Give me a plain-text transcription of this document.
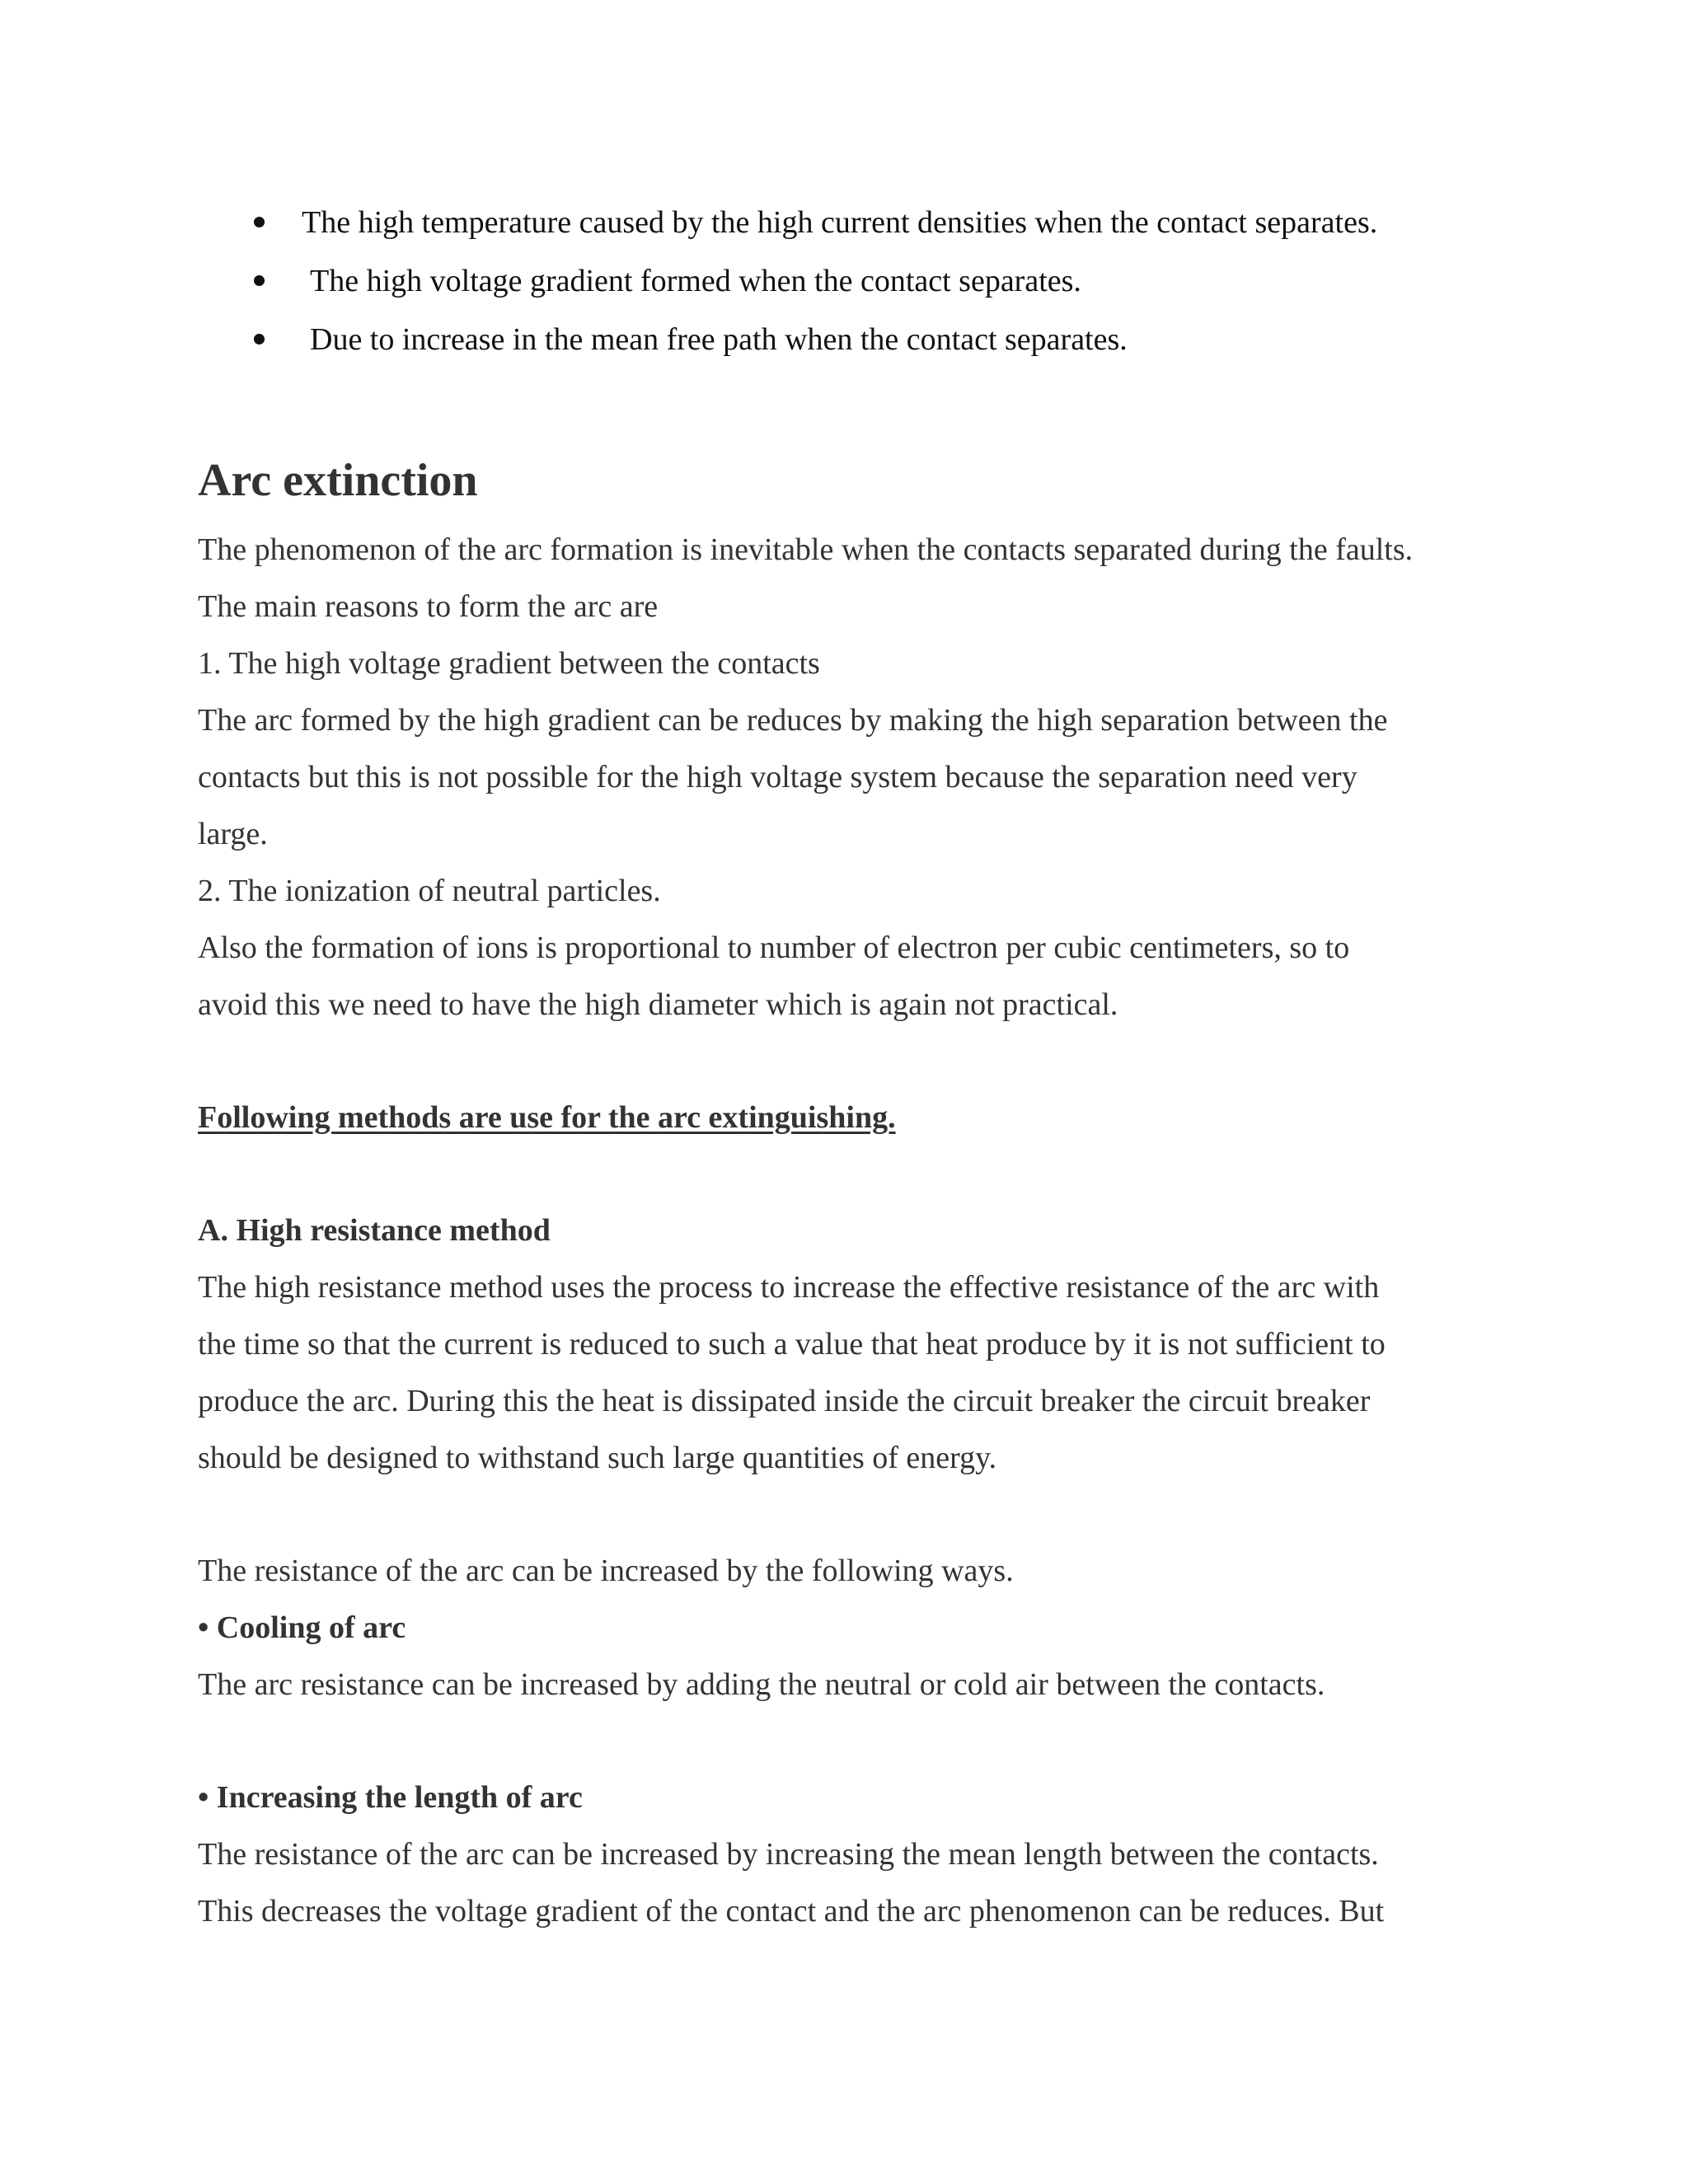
The high temperature caused by the high current densities when the contact separates.
The high voltage gradient formed when the contact separates.
Due to increase in the mean free path when the contact separates.
Arc extinction
The phenomenon of the arc formation is inevitable when the contacts separated during the faults.
The main reasons to form the arc are
1. The high voltage gradient between the contacts
The arc formed by the high gradient can be reduces by making the high separation between the
contacts but this is not possible for the high voltage system because the separation need very
large.
2. The ionization of neutral particles.
Also the formation of ions is proportional to number of electron per cubic centimeters, so to
avoid this we need to have the high diameter which is again not practical.
Following methods are use for the arc extinguishing.
A. High resistance method
The high resistance method uses the process to increase the effective resistance of the arc with
the time so that the current is reduced to such a value that heat produce by it is not sufficient to
produce the arc. During this the heat is dissipated inside the circuit breaker the circuit breaker
should be designed to withstand such large quantities of energy.
The resistance of the arc can be increased by the following ways.
• Cooling of arc
The arc resistance can be increased by adding the neutral or cold air between the contacts.
• Increasing the length of arc
The resistance of the arc can be increased by increasing the mean length between the contacts.
This decreases the voltage gradient of the contact and the arc phenomenon can be reduces. But
